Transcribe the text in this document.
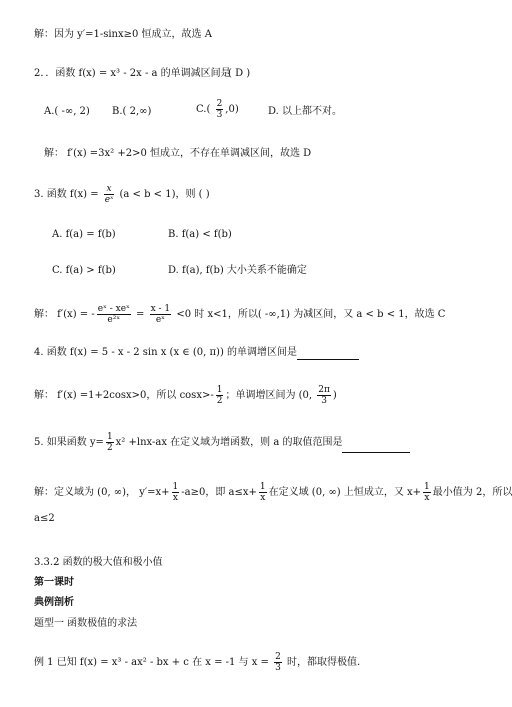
解：因为 y′=1-sinx≥0 恒成立，故选 A
2．．函数 f(x) = x³ - 2x - a 的单调减区间是
( D )
A.( -∞, 2) B.( 2,∞)	$C.( \frac{2}{3} ,0)$	D. 以上都不对。
解： f′(x) =3x² +2>0 恒成立，不存在单调减区间，故选 D
3. 函数 $f(x) = \frac{x}{\text{eˣ}} (a < b < 1)$，则 ( )
A. f(a) = f(b)	B. f(a) < f(b)
C. f(a) > f(b)	D. f(a), f(b) 大小关系不能确定
解： f′(x) = - $\frac{\text{eˣ - xeˣ}}{\text{e²ˣ}} = \frac{x - 1}{\text{eˣ}} <0$ 时 x<1，所以( -∞,1) 为减区间，又 a < b < 1，故选 C
4. 函数 f(x) = 5 - x - 2 sin x (x ∈ (0, π)) 的单调增区间是
解： f′(x) =1+2cosx>0，所以 $\cos x>- \frac{1}{2}$ ；单调增区间为 (0, $\frac{2\pi}{3}$ )
5. 如果函数 $y= \frac{1}{2} x^2 +\ln x-ax$ 在定义域为增函数，则 a 的取值范围是
解：定义域为 (0, ∞)， $y'=x+ \frac{1}{x} -a\ge 0$，即 $a\le x+ \frac{1}{x}$ 在定义域 (0, ∞) 上恒成立，又 $x+ \frac{1}{x}$ 最小值为 2，所以
a≤2
3.3.2 函数的极大值和极小值
第一课时
典例剖析
题型一 函数极值的求法
例 1 已知 f(x) = x³ - ax² - bx + c 在 x = -1 与 $x = \frac{2}{3}$ 时，都取得极值.
